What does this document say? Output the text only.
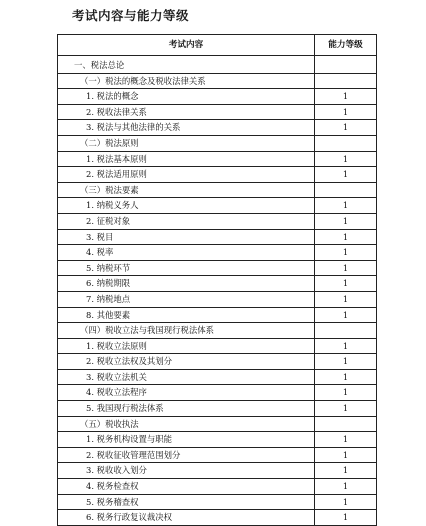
考试内容与能力等级
考试内容	能力等级
一、税法总论	
（一）税法的概念及税收法律关系	
1. 税法的概念	1
2. 税收法律关系	1
3. 税法与其他法律的关系	1
（二）税法原则	
1. 税法基本原则	1
2. 税法适用原则	1
（三）税法要素	
1. 纳税义务人	1
2. 征税对象	1
3. 税目	1
4. 税率	1
5. 纳税环节	1
6. 纳税期限	1
7. 纳税地点	1
8. 其他要素	1
（四）税收立法与我国现行税法体系	
1. 税收立法原则	1
2. 税收立法权及其划分	1
3. 税收立法机关	1
4. 税收立法程序	1
5. 我国现行税法体系	1
（五）税收执法	
1. 税务机构设置与职能	1
2. 税收征收管理范围划分	1
3. 税收收入划分	1
4. 税务检查权	1
5. 税务稽查权	1
6. 税务行政复议裁决权	1
